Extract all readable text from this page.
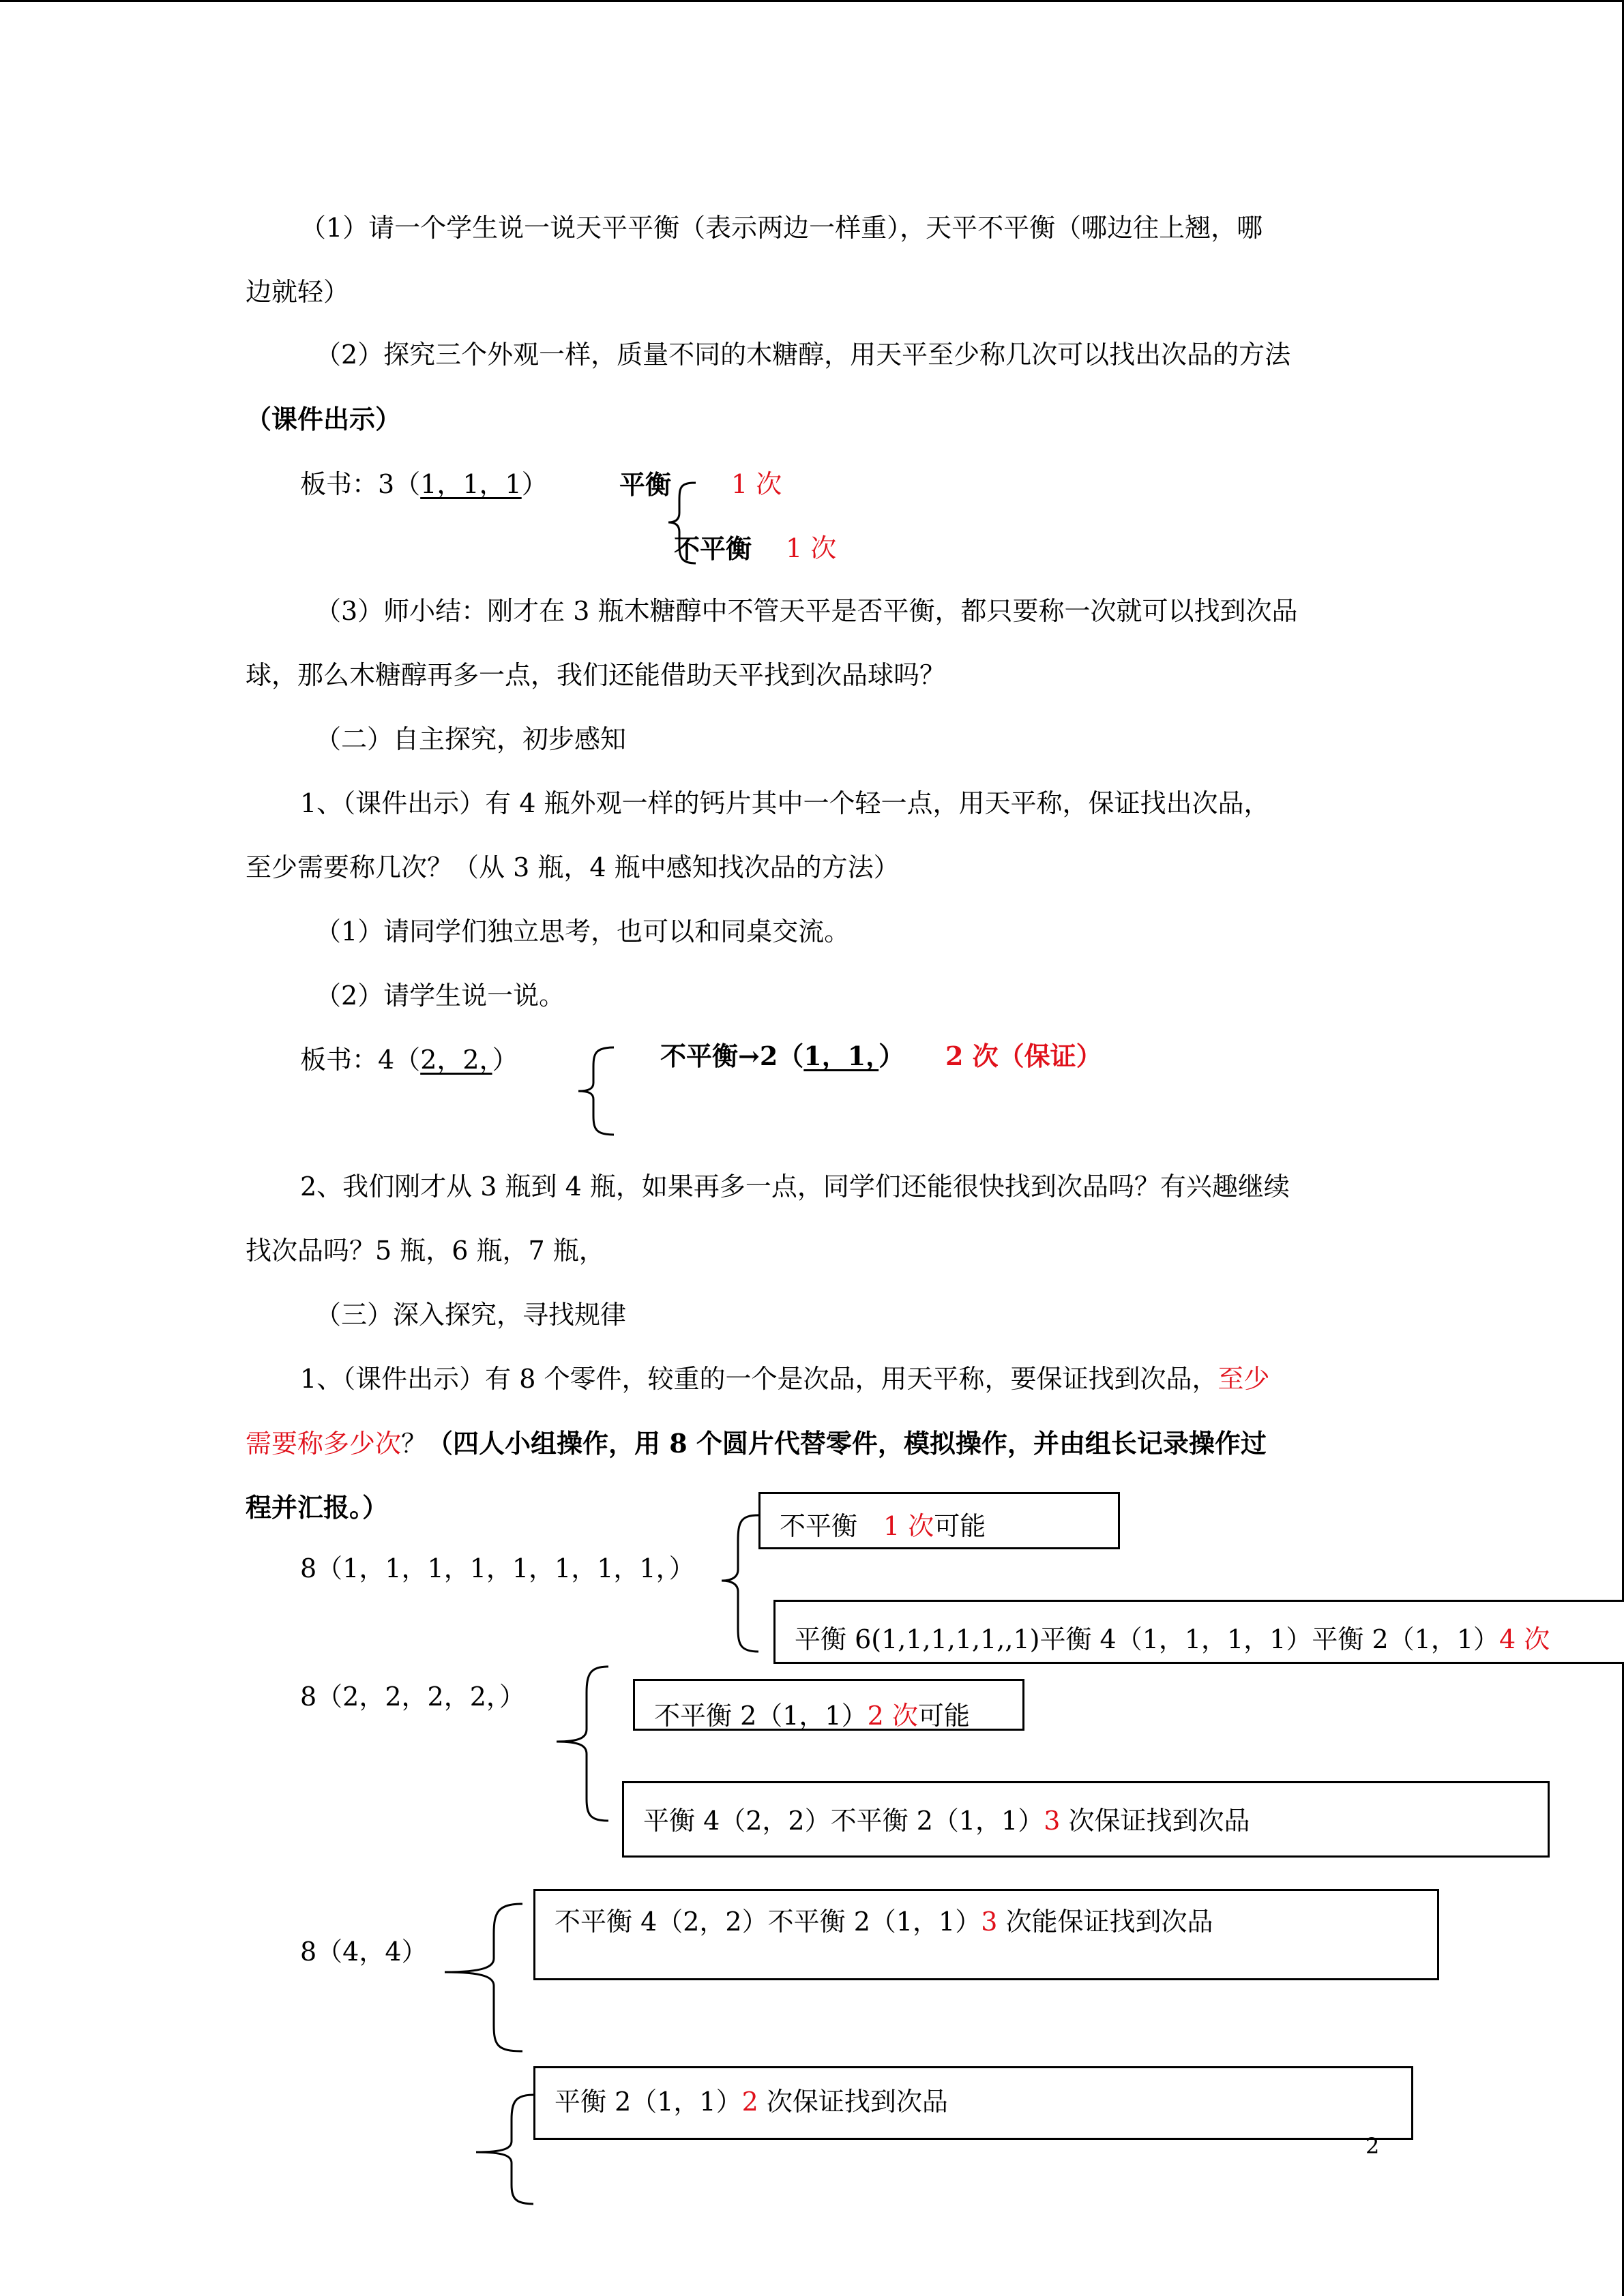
（1）请一个学生说一说天平平衡（表示两边一样重），天平不平衡（哪边往上翘，哪
边就轻）
（2）探究三个外观一样，质量不同的木糖醇，用天平至少称几次可以找出次品的方法
（课件出示）
板书：3（1，1，1）	平衡 1 次
不平衡 1 次
（3）师小结：刚才在 3 瓶木糖醇中不管天平是否平衡，都只要称一次就可以找到次品
球，那么木糖醇再多一点，我们还能借助天平找到次品球吗？
（二）自主探究，初步感知
1、（课件出示）有 4 瓶外观一样的钙片其中一个轻一点，用天平称，保证找出次品，
至少需要称几次？（从 3 瓶，4 瓶中感知找次品的方法）
（1）请同学们独立思考，也可以和同桌交流。
（2）请学生说一说。
板书：4（2，2，）	不平衡→2（1，1，） 2 次（保证）
2、我们刚才从 3 瓶到 4 瓶，如果再多一点，同学们还能很快找到次品吗？有兴趣继续
找次品吗？5 瓶，6 瓶，7 瓶，
（三）深入探究，寻找规律
1、（课件出示）有 8 个零件，较重的一个是次品，用天平称，要保证找到次品，至少
需要称多少次？（四人小组操作，用 8 个圆片代替零件，模拟操作，并由组长记录操作过
程并汇报。）
8（1，1，1，1，1，1，1，1，）
不平衡　1 次可能
平衡 6(1,1,1,1,1,,1)平衡 4（1，1，1，1）平衡 2（1，1）4 次
8（2，2，2，2，）
不平衡 2（1，1）2 次可能
平衡 4（2，2）不平衡 2（1，1）3 次保证找到次品
8（4，4）
不平衡 4（2，2）不平衡 2（1，1）3 次能保证找到次品
平衡 2（1，1）2 次保证找到次品
2
